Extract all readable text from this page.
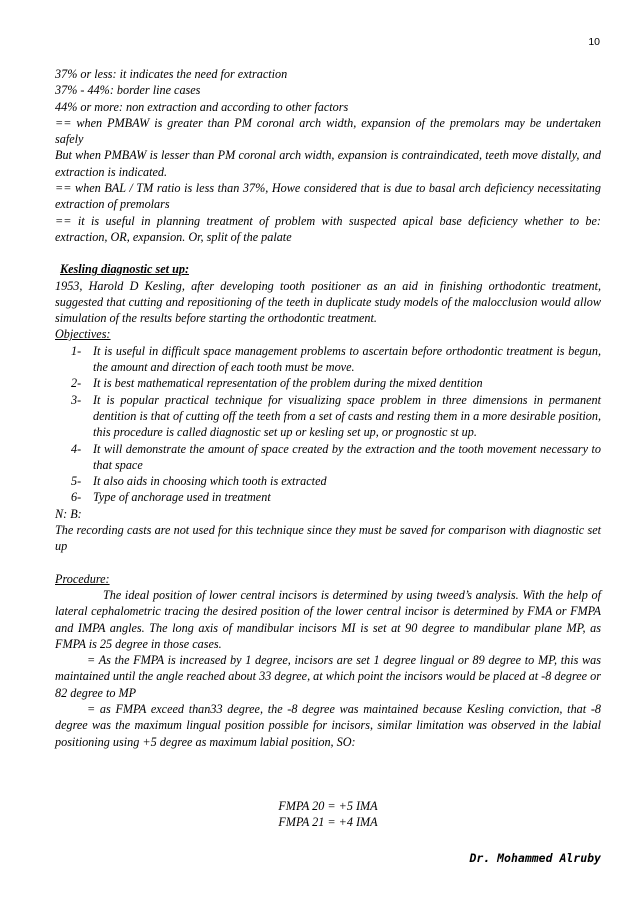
10

37% or less: it indicates the need for extraction

37% - 44%: border line cases

44% or more: non extraction and according to other factors

== when PMBAW is greater than PM coronal arch width, expansion of the premolars may be undertaken safely

But when PMBAW is lesser than PM coronal arch width, expansion is contraindicated, teeth move distally, and extraction is indicated.

== when BAL / TM ratio is less than 37%, Howe considered that is due to basal arch deficiency necessitating extraction of premolars

== it is useful in planning treatment of problem with suspected apical base deficiency whether to be: extraction, OR, expansion. Or, split of the palate

Kesling diagnostic set up:

1953, Harold D Kesling, after developing tooth positioner as an aid in finishing orthodontic treatment, suggested that cutting and repositioning of the teeth in duplicate study models of the malocclusion would allow simulation of the results before starting the orthodontic treatment.

Objectives:

1- It is useful in difficult space management problems to ascertain before orthodontic treatment is begun, the amount and direction of each tooth must be move.
2- It is best mathematical representation of the problem during the mixed dentition
3- It is popular practical technique for visualizing space problem in three dimensions in permanent dentition is that of cutting off the teeth from a set of casts and resting them in a more desirable position, this procedure is called diagnostic set up or kesling set up, or prognostic st up.
4- It will demonstrate the amount of space created by the extraction and the tooth movement necessary to that space
5- It also aids in choosing which tooth is extracted
6- Type of anchorage used in treatment

N: B:

The recording casts are not used for this technique since they must be saved for comparison with diagnostic set up

Procedure:

The ideal position of lower central incisors is determined by using tweed’s analysis. With the help of lateral cephalometric tracing the desired position of the lower central incisor is determined by FMA or FMPA and IMPA angles. The long axis of mandibular incisors MI is set at 90 degree to mandibular plane MP, as FMPA is 25 degree in those cases.

= As the FMPA is increased by 1 degree, incisors are set 1 degree lingual or 89 degree to MP, this was maintained until the angle reached about 33 degree, at which point the incisors would be placed at -8 degree or 82 degree to MP

= as FMPA exceed than33 degree, the -8 degree was maintained because Kesling conviction, that -8 degree was the maximum lingual position possible for incisors, similar limitation was observed in the labial positioning using +5 degree as maximum labial position, SO:

FMPA 20 = +5 IMA

FMPA 21 = +4 IMA

Dr. Mohammed Alruby
